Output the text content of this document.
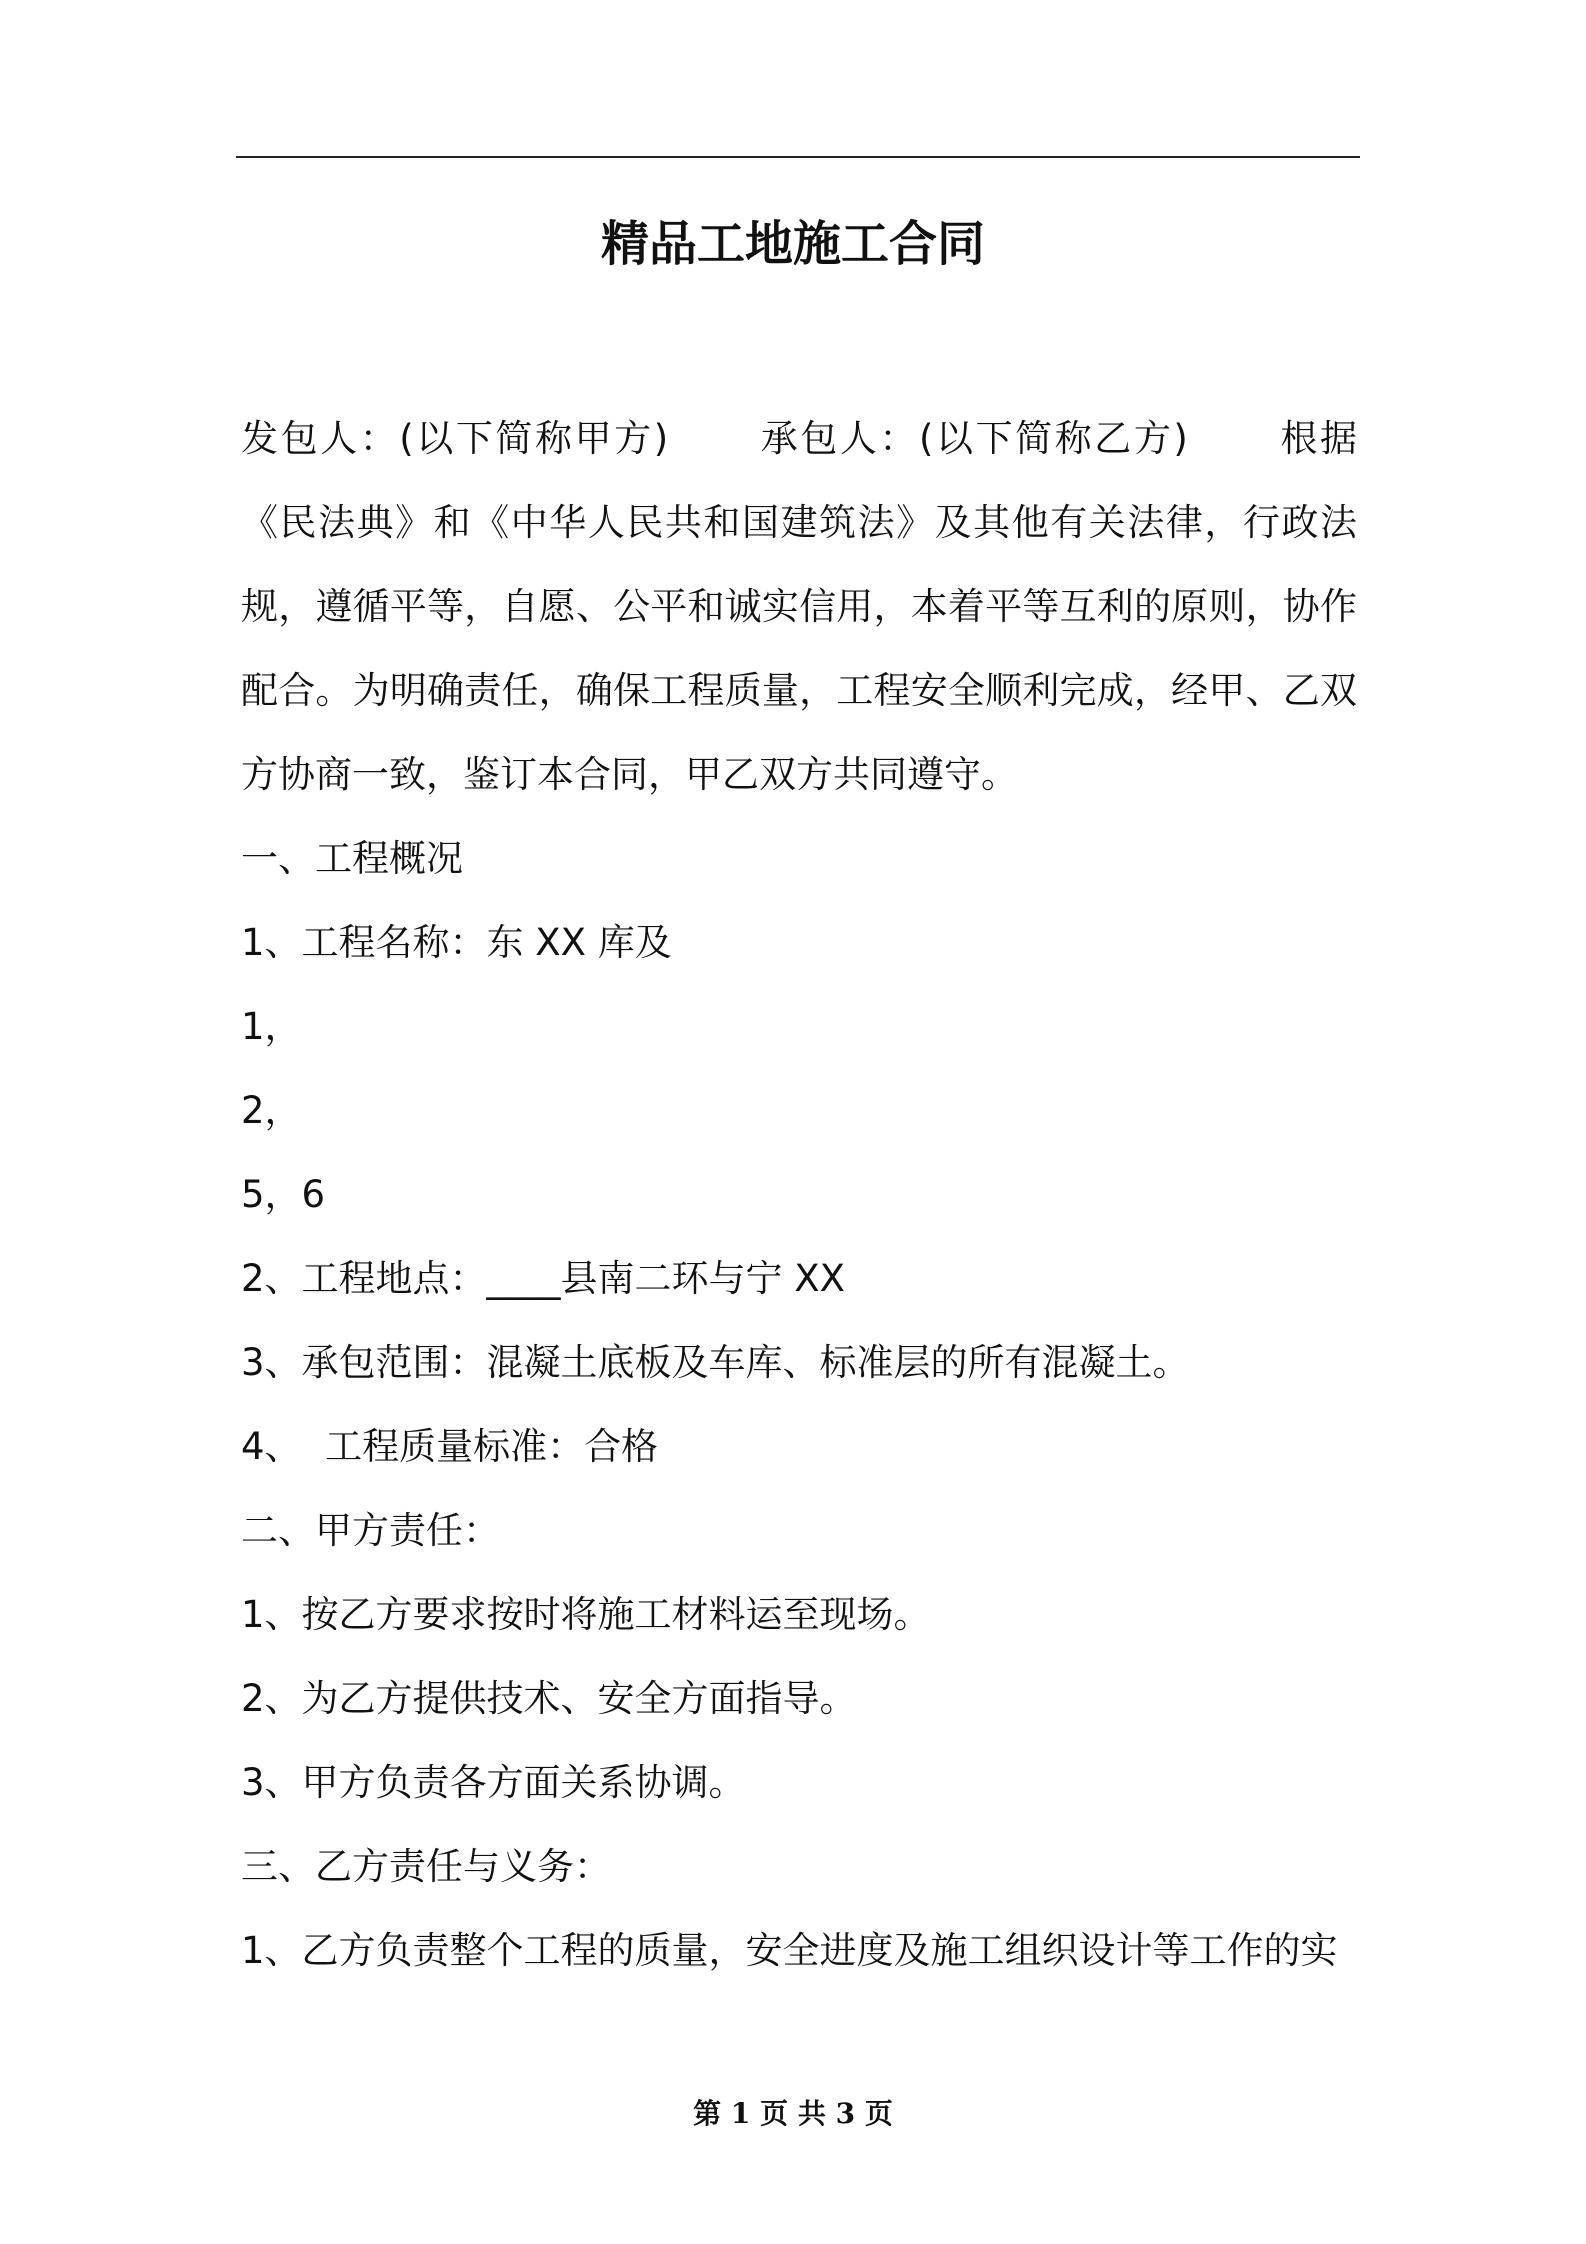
精品工地施工合同

发包人：(以下简称甲方) 承包人：(以下简称乙方) 根据《民法典》和《中华人民共和国建筑法》及其他有关法律，行政法规，遵循平等，自愿、公平和诚实信用，本着平等互利的原则，协作配合。为明确责任，确保工程质量，工程安全顺利完成，经甲、乙双方协商一致，鉴订本合同，甲乙双方共同遵守。

一、工程概况

1、工程名称：东 XX 库及

1，

2，

5，6

2、工程地点：____县南二环与宁 XX

3、承包范围：混凝土底板及车库、标准层的所有混凝土。

4、  工程质量标准：合格

二、甲方责任：

1、按乙方要求按时将施工材料运至现场。

2、为乙方提供技术、安全方面指导。

3、甲方负责各方面关系协调。

三、乙方责任与义务：

1、乙方负责整个工程的质量，安全进度及施工组织设计等工作的实

第 1 页 共 3 页
